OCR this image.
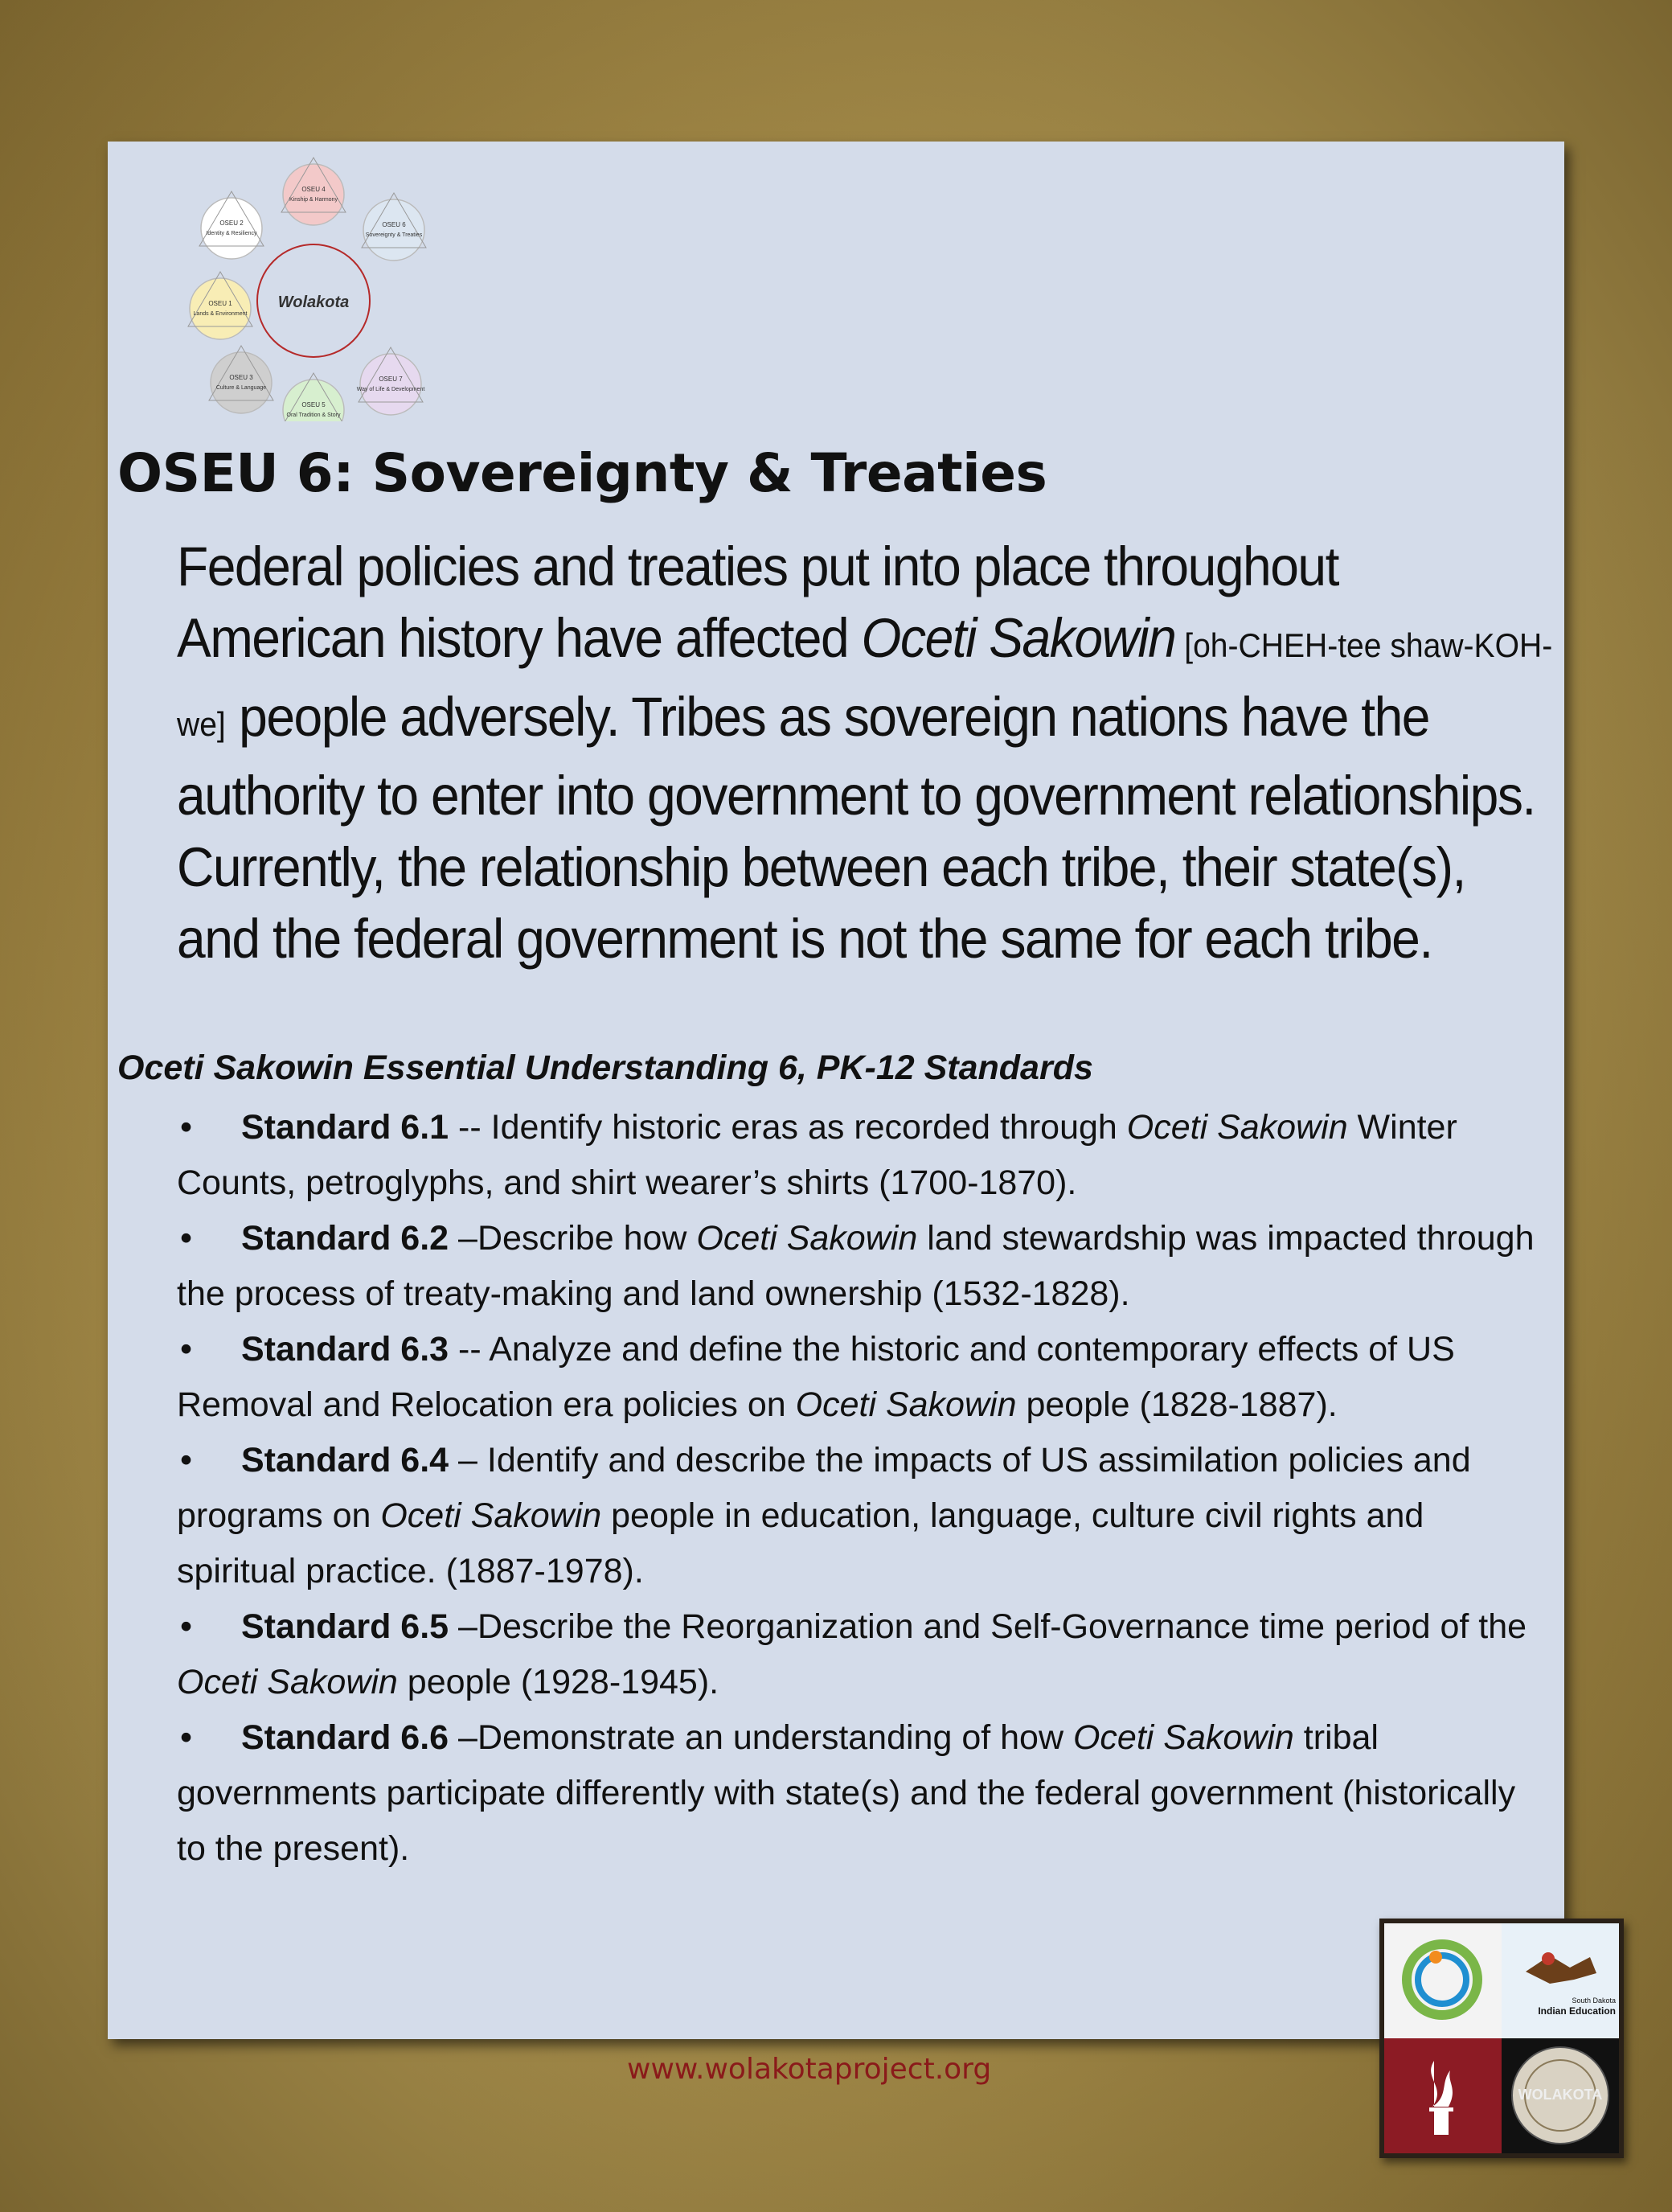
OSEU 4
Kinship & Harmony
OSEU 2
Identity & Resiliency
OSEU 6
Sovereignty & Treaties
OSEU 1
Lands & Environment
OSEU 3
Culture & Language
OSEU 7
Way of Life & Development
OSEU 5
Oral Tradition & Story
Wolakota
OSEU 6: Sovereignty & Treaties

Federal policies and treaties put into place throughout American history have affected Oceti Sakowin [oh-CHEH-tee shaw-KOH-we] people adversely. Tribes as sovereign nations have the authority to enter into government to government relationships. Currently, the relationship between each tribe, their state(s), and the federal government is not the same for each tribe.

Oceti Sakowin Essential Understanding 6, PK-12 Standards
• Standard 6.1 -- Identify historic eras as recorded through Oceti Sakowin Winter Counts, petroglyphs, and shirt wearer’s shirts (1700-1870).
• Standard 6.2 –Describe how Oceti Sakowin land stewardship was impacted through the process of treaty-making and land ownership (1532-1828).
• Standard 6.3 -- Analyze and define the historic and contemporary effects of US Removal and Relocation era policies on Oceti Sakowin people (1828-1887).
• Standard 6.4 – Identify and describe the impacts of US assimilation policies and programs on Oceti Sakowin people in education, language, culture civil rights and spiritual practice. (1887-1978).
• Standard 6.5 –Describe the Reorganization and Self-Governance time period of the Oceti Sakowin people (1928-1945).
• Standard 6.6 –Demonstrate an understanding of how Oceti Sakowin tribal governments participate differently with state(s) and the federal government (historically to the present).
www.wolakotaproject.org
South Dakota
Indian Education
WOLAKOTA
